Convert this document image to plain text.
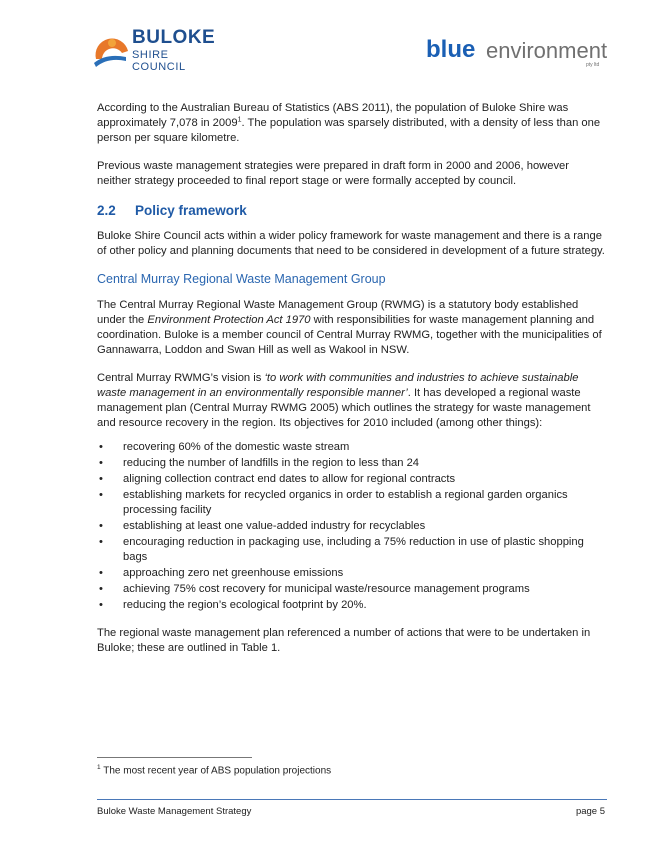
BULOKE
SHIRE COUNCIL
blue environment
pty ltd

According to the Australian Bureau of Statistics (ABS 2011), the population of Buloke Shire was approximately 7,078 in 2009$^1$. The population was sparsely distributed, with a density of less than one person per square kilometre.

Previous waste management strategies were prepared in draft form in 2000 and 2006, however neither strategy proceeded to final report stage or were formally accepted by council.

2.2 Policy framework

Buloke Shire Council acts within a wider policy framework for waste management and there is a range of other policy and planning documents that need to be considered in development of a future strategy.

Central Murray Regional Waste Management Group

The Central Murray Regional Waste Management Group (RWMG) is a statutory body established under the Environment Protection Act 1970 with responsibilities for waste management planning and coordination. Buloke is a member council of Central Murray RWMG, together with the municipalities of Gannawarra, Loddon and Swan Hill as well as Wakool in NSW.

Central Murray RWMG’s vision is ‘to work with communities and industries to achieve sustainable waste management in an environmentally responsible manner’. It has developed a regional waste management plan (Central Murray RWMG 2005) which outlines the strategy for waste management and resource recovery in the region. Its objectives for 2010 included (among other things):

• recovering 60% of the domestic waste stream
• reducing the number of landfills in the region to less than 24
• aligning collection contract end dates to allow for regional contracts
• establishing markets for recycled organics in order to establish a regional garden organics processing facility
• establishing at least one value-added industry for recyclables
• encouraging reduction in packaging use, including a 75% reduction in use of plastic shopping bags
• approaching zero net greenhouse emissions
• achieving 75% cost recovery for municipal waste/resource management programs
• reducing the region’s ecological footprint by 20%.

The regional waste management plan referenced a number of actions that were to be undertaken in Buloke; these are outlined in Table 1.

$^1$ The most recent year of ABS population projections
Buloke Waste Management Strategy	page 5
